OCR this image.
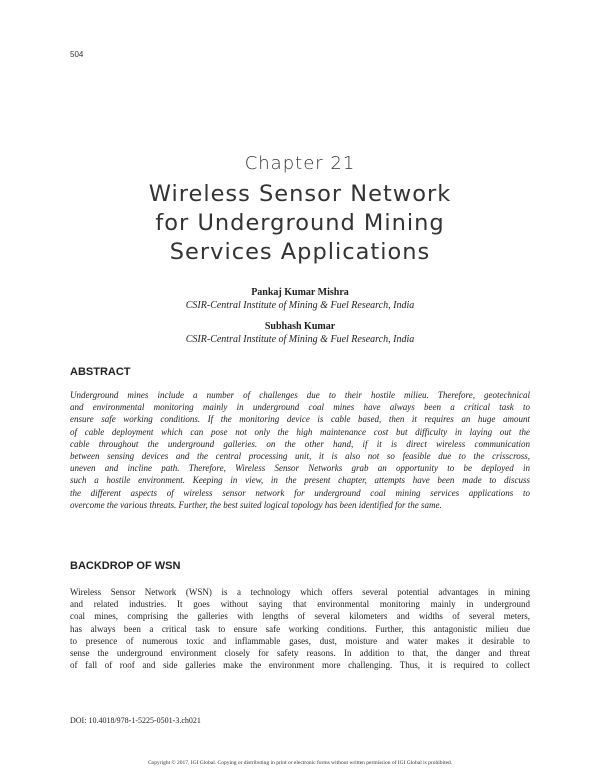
504
Chapter 21
Wireless Sensor Network
for Underground Mining
Services Applications
Pankaj Kumar Mishra
CSIR-Central Institute of Mining & Fuel Research, India
Subhash Kumar
CSIR-Central Institute of Mining & Fuel Research, India
ABSTRACT
Underground mines include a number of challenges due to their hostile milieu. Therefore, geotechnical
and environmental monitoring mainly in underground coal mines have always been a critical task to
ensure safe working conditions. If the monitoring device is cable based, then it requires an huge amount
of cable deployment which can pose not only the high maintenance cost but difficulty in laying out the
cable throughout the underground galleries. on the other hand, if it is direct wireless communication
between sensing devices and the central processing unit, it is also not so feasible due to the crisscross,
uneven and incline path. Therefore, Wireless Sensor Networks grab an opportunity to be deployed in
such a hostile environment. Keeping in view, in the present chapter, attempts have been made to discuss
the different aspects of wireless sensor network for underground coal mining services applications to
overcome the various threats. Further, the best suited logical topology has been identified for the same.
BACKDROP OF WSN
Wireless Sensor Network (WSN) is a technology which offers several potential advantages in mining
and related industries. It goes without saying that environmental monitoring mainly in underground
coal mines, comprising the galleries with lengths of several kilometers and widths of several meters,
has always been a critical task to ensure safe working conditions. Further, this antagonistic milieu due
to presence of numerous toxic and inflammable gases, dust, moisture and water makes it desirable to
sense the underground environment closely for safety reasons. In addition to that, the danger and threat
of fall of roof and side galleries make the environment more challenging. Thus, it is required to collect
DOI: 10.4018/978-1-5225-0501-3.ch021
Copyright © 2017, IGI Global. Copying or distributing in print or electronic forms without written permission of IGI Global is prohibited.
